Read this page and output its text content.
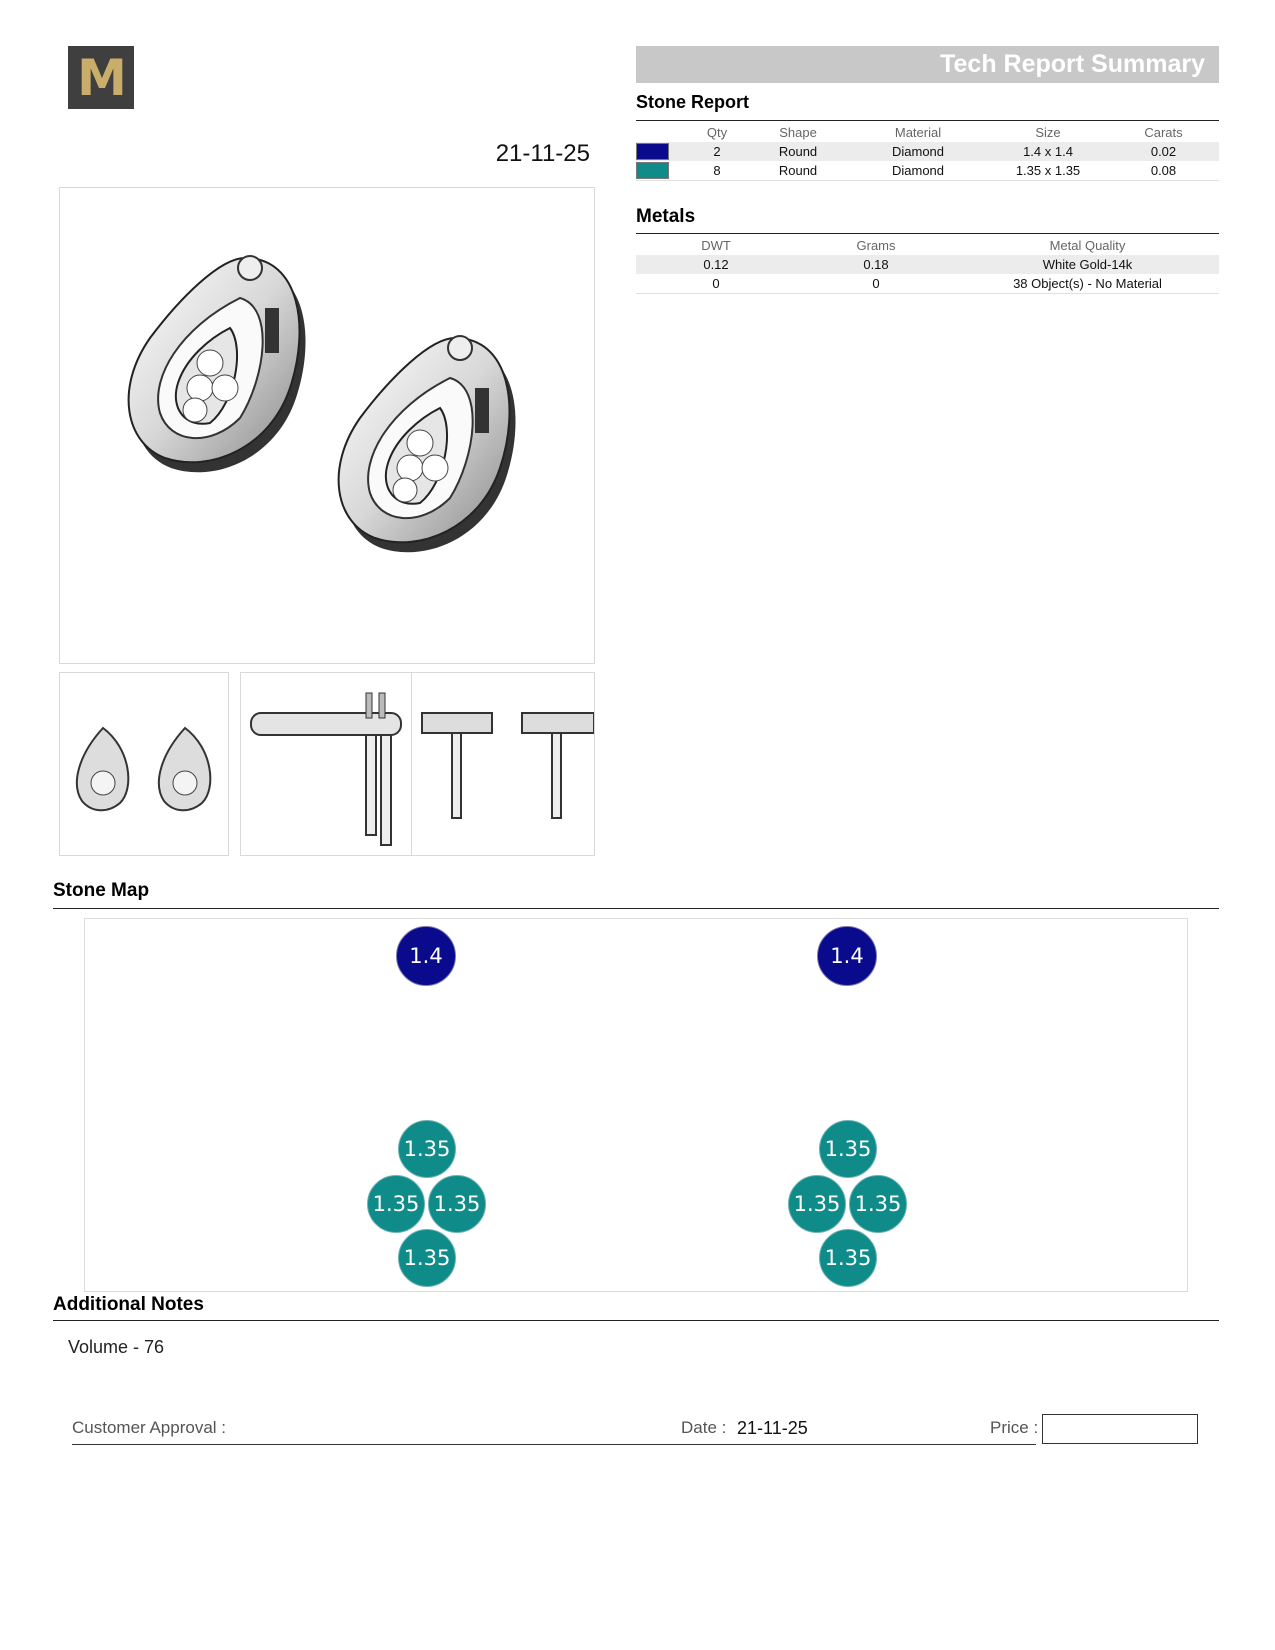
M
21-11-25
Tech Report Summary
Stone Report
	Qty	Shape	Material	Size	Carats
	2	Round	Diamond	1.4 x 1.4	0.02
	8	Round	Diamond	1.35 x 1.35	0.08
Metals
DWT	Grams	Metal Quality
0.12	0.18	White Gold-14k
0	0	38 Object(s) - No Material
Stone Map
1.4
1.35
1.35 1.35
1.35
1.4
1.35
1.35 1.35
1.35
Additional Notes
Volume - 76
Customer Approval :	Date : 21-11-25	Price :
